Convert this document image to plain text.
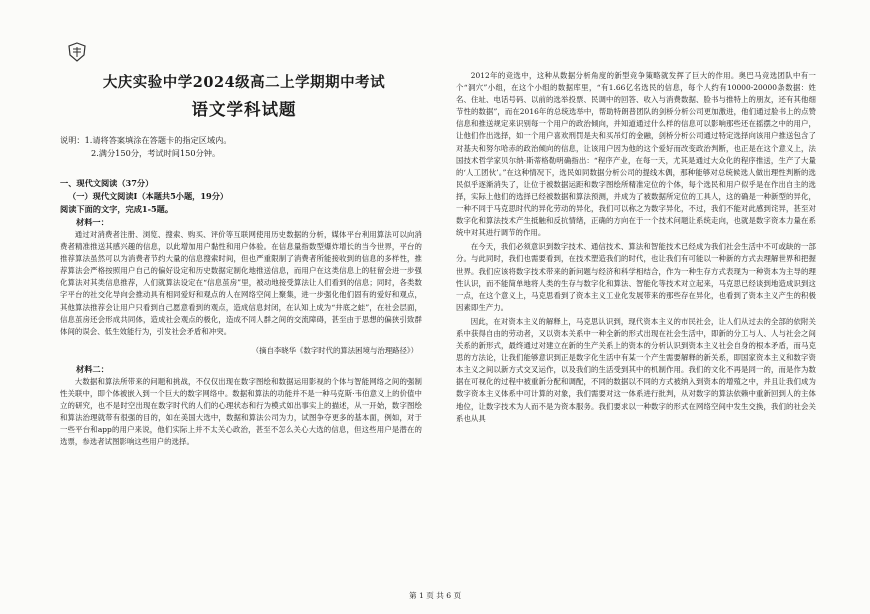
大庆实验中学2024级高二上学期期中考试
语文学科试题

说明：1.请将答案填涂在答题卡的指定区域内。

2.满分150分，考试时间150分钟。

一、现代文阅读（37分）

（一）现代文阅读Ⅰ（本题共5小题，19分）

阅读下面的文字，完成1-5题。

材料一：

通过对消费者注册、浏览、搜索、购买、评价等互联网使用历史数据的分析，媒体平台利用算法可以向消费者精准推送其感兴趣的信息，以此增加用户黏性和用户体验。在信息量指数型爆炸增长的当今世界，平台的推荐算法虽然可以为消费者节约大量的信息搜索时间，但也严重限制了消费者所能接收到的信息的多样性，推荐算法会严格按照用户自己的偏好设定和历史数据定制化地推送信息，而用户在这类信息上的驻留会进一步强化算法对其类信息推荐，人们就算法设定在“信息茧房”里，被动地接受算法让人们看到的信息；同时，各类数字平台的社交化导向会推动具有相同爱好和观点的人在网络空间上聚集，进一步强化他们固有的爱好和观点，其他算法推荐会让用户只看到自己愿意看到的观点，造成信息封闭，在认知上成为“井底之蛙”，在社会层面，信息茧房还会形成共同体，造成社会观点的极化，造成不同人群之间的交流障碍，甚至由于思想的偏狭引致群体间的误会、低生效能行为，引发社会矛盾和冲突。

（摘自李晓华《数字时代的算法困境与治理路径》）

材料二：

大数据和算法所带来的问题和挑战，不仅仅出现在数字图绘和数据运用影视的个体与智能网络之间的强制性关联中，即个体被嵌入到一个巨大的数字网络中。数据和算法的功能并不是一种马克斯·韦伯意义上的价值中立的研究，也不是时空出现在数字时代的人们的心理状态和行为模式如出事实上的描述，从一开始，数字图绘和算法治理就带有很强的目的，如在美国大选中，数据和算法公司为力，试图争夺更多的基本面，例如，对于一些平台和app的用户来说，他们实际上并不太关心政治，甚至不怎么关心大选的信息，但这些用户是潜在的选票，参选者试图影响这些用户的选择。

2012年的竞选中，这种从数据分析角度的新型竞争策略就发挥了巨大的作用。奥巴马竞选团队中有一个“洞穴”小组，在这个小组的数据库里，“有1.66亿名选民的信息，每个人约有10000-20000条数据：姓名、住址、电话号码、以前的选举投票、民调中的回答、收入与消费数据、脸书与推特上的朋友，还有其他细节性的数据”，而在2016年的总统选举中，帮助特朗普团队的剑桥分析公司更加激进，他们通过脸书上的点赞信息和推送规定来识别每一个用户的政治倾向，并知道通过什么样的信息可以影响那些还在摇摆之中的用户，让他们作出选择，如一个用户喜欢刑罚是夫和买吊灯的金融，剑桥分析公司通过特定选择向该用户推送包含了对基夫和努尔哈赤的政治倾向的信息，让该用户因为他的这个爱好而改变政治判断，也正是在这个意义上，法国技术哲学家贝尔纳·斯蒂格勒明确指出：“程序产业，在每一天，尤其是通过大众化的程序推送，生产了大量的‘人工团伙’。”在这种情况下，选民如同数据分析公司的提线木偶，那种能够对总统候选人做出理性判断的选民似乎逐渐消失了，让位于被数据运距和数字图绘所精准定位的个体，每个选民和用户似乎是在作出自主的选择，实际上他们的选择已经被数据和算法预测，并成为了被数据所定位的工具人，这的确是一种新型的异化，一种不同于马克思时代的异化劳动的异化，我们可以称之为数字异化，不过，我们不能对此感到诧异，甚至对数字化和算法技术产生抵触和反抗情绪，正确的方向在于一个技术问题让系统走向，也就是数字资本力量在系统中对其进行调节的作用。

在今天，我们必须意识到数字技术、通信技术、算法和智能技术已经成为我们社会生活中不可或缺的一部分。与此同时，我们也需要看到，在技术塑造我们的时代，也让我们有可能以一种新的方式去理解世界和把握世界。我们应该将数字技术带来的新问题与经济和科学相结合，作为一种生存方式表现为一种资本为主导的理性认识，而不能简单地将人类的生存与数字化和算法、智能化等技术对立起来，马克思已经谈到地造成识到这一点，在这个意义上，马克思看到了资本主义工业化发展带来的那些存在异化，也看到了资本主义产生的积极因素即生产力。

因此，在对资本主义的解释上，马克思认识到，现代资本主义的市民社会，让人们从过去的全部的依附关系中获得自由的劳动者，又以资本关系中一种全新的形式出现在社会生活中，即新的分工与人、人与社会之间关系的新形式，最终通过对建立在新的生产关系上的资本的分析认识到资本主义社会自身的根本矛盾，而马克思的方法论，让我们能够意识到正是数字化生活中有某一个产生需要解释的新关系，即国家资本主义和数字资本主义之间以新方式交叉运作，以及我们的生活受到其中的机制作用。我们的文化不再是同一的，而是作为数据在可视化的过程中被重新分配和调配，不同的数据以不同的方式被纳入到资本的增殖之中，并且让我们成为数字资本主义体系中可计算的对象，我们需要对这一体系进行批判，从对数字的算法依赖中重新回到人的主体地位，让数字技术为人而不是为资本服务。我们要求以一种数字的形式在网络空间中发生交换，我们的社会关系也从具

第 1 页 共 6 页
